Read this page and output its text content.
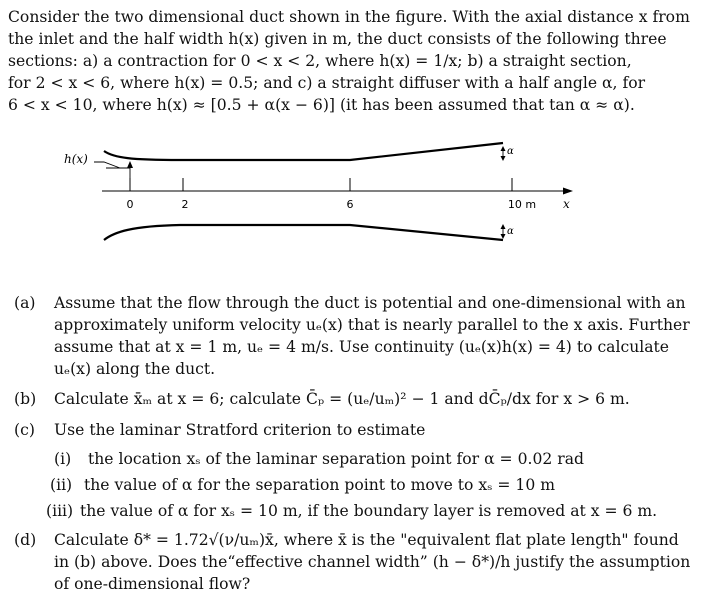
Consider the two dimensional duct shown in the figure. With the axial distance x from
the inlet and the half width h(x) given in m, the duct consists of the following three
sections: a) a contraction for 0 < x < 2, where h(x) = 1/x; b) a straight section,
for 2 < x < 6, where h(x) = 0.5; and c) a straight diffuser with a half angle α, for
6 < x < 10, where h(x) ≈ [0.5 + α(x − 6)] (it has been assumed that tan α ≈ α).
0	2	6	10 m x
h(x)
α
α
(a) Assume that the flow through the duct is potential and one-dimensional with an
approximately uniform velocity uₑ(x) that is nearly parallel to the x axis. Further
assume that at x = 1 m, uₑ = 4 m/s. Use continuity (uₑ(x)h(x) = 4) to calculate
uₑ(x) along the duct.
(b) Calculate x̄ₘ at x = 6; calculate C̄ₚ = (uₑ/uₘ)² − 1 and dC̄ₚ/dx for x > 6 m.
(c) Use the laminar Stratford criterion to estimate
(i) the location xₛ of the laminar separation point for α = 0.02 rad
(ii) the value of α for the separation point to move to xₛ = 10 m
(iii) the value of α for xₛ = 10 m, if the boundary layer is removed at x = 6 m.
(d) Calculate δ* = 1.72√(ν/uₘ)x̄, where x̄ is the "equivalent flat plate length" found
in (b) above. Does the“effective channel width” (h − δ*)/h justify the assumption
of one-dimensional flow?
